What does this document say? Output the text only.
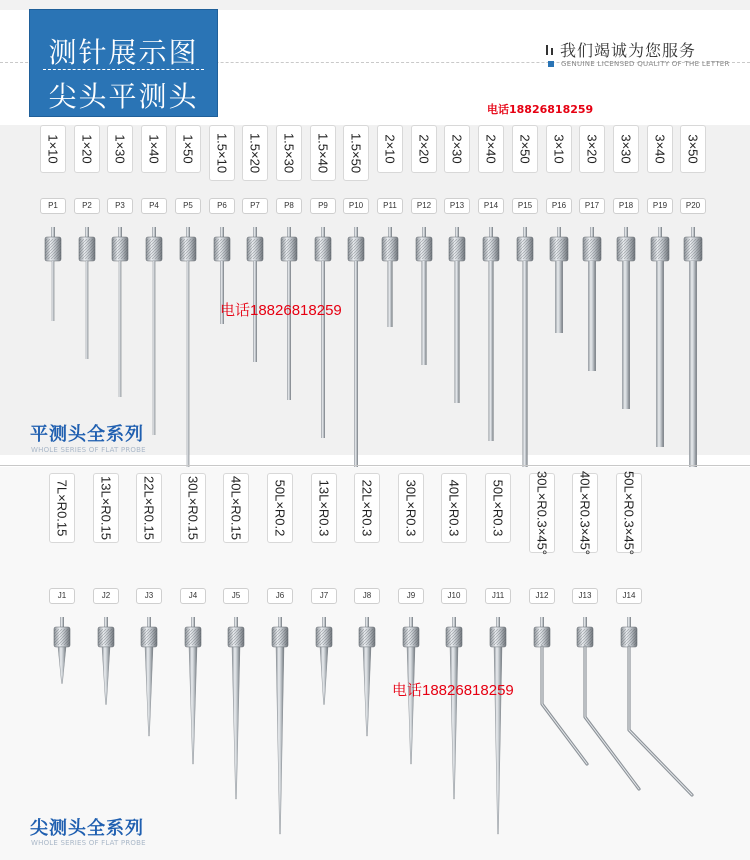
测针展示图
尖头平测头
我们竭诚为您服务
GENUINE LICENSED QUALITY OF THE LETTER
电话18826818259
1×10
P1
1×20
P2
1×30
P3
1×40
P4
1×50
P5
1.5×10
P6
1.5×20
P7
1.5×30
P8
1.5×40
P9
1.5×50
P10
2×10
P11
2×20
P12
2×30
P13
2×40
P14
2×50
P15
3×10
P16
3×20
P17
3×30
P18
3×40
P19
3×50
P20
电话18826818259
平测头全系列
WHOLE SERIES OF FLAT PROBE
7L×R0.15
J1
13L×R0.15
J2
22L×R0.15
J3
30L×R0.15
J4
40L×R0.15
J5
50L×R0.2
J6
13L×R0.3
J7
22L×R0.3
J8
30L×R0.3
J9
40L×R0.3
J10
50L×R0.3
J11
30L×R0.3×45°
J12
40L×R0.3×45°
J13
50L×R0.3×45°
J14
电话18826818259
尖测头全系列
WHOLE SERIES OF FLAT PROBE
